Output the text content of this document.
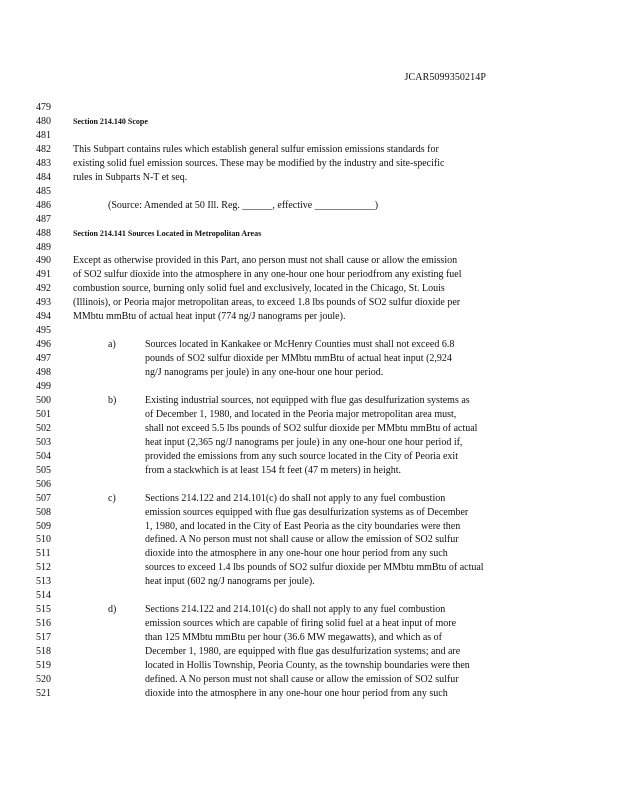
JCAR5099350214P
479
480	Section 214.140 Scope
481
482	This Subpart contains rules which establish general sulfur emission emissions standards for
483	existing solid fuel emission sources. These may be modified by the industry and site-specific
484	rules in Subparts N-T et seq.
485
486	(Source: Amended at 50 Ill. Reg. ______, effective ____________)
487
488	Section 214.141 Sources Located in Metropolitan Areas
489
490	Except as otherwise provided in this Part, ano person must not shall cause or allow the emission
491	of SO2 sulfur dioxide into the atmosphere in any one-hour one hour periodfrom any existing fuel
492	combustion source, burning only solid fuel and exclusively, located in the Chicago, St. Louis
493	(Illinois), or Peoria major metropolitan areas, to exceed 1.8 lbs pounds of SO2 sulfur dioxide per
494	MMbtu mmBtu of actual heat input (774 ng/J nanograms per joule).
495
496	a)	Sources located in Kankakee or McHenry Counties must shall not exceed 6.8
497	pounds of SO2 sulfur dioxide per MMbtu mmBtu of actual heat input (2,924
498	ng/J nanograms per joule) in any one-hour one hour period.
499
500	b)	Existing industrial sources, not equipped with flue gas desulfurization systems as
501	of December 1, 1980, and located in the Peoria major metropolitan area must,
502	shall not exceed 5.5 lbs pounds of SO2 sulfur dioxide per MMbtu mmBtu of actual
503	heat input (2,365 ng/J nanograms per joule) in any one-hour one hour period if,
504	provided the emissions from any such source located in the City of Peoria exit
505	from a stackwhich is at least 154 ft feet (47 m meters) in height.
506
507	c)	Sections 214.122 and 214.101(c) do shall not apply to any fuel combustion
508	emission sources equipped with flue gas desulfurization systems as of December
509	1, 1980, and located in the City of East Peoria as the city boundaries were then
510	defined. A No person must not shall cause or allow the emission of SO2 sulfur
511	dioxide into the atmosphere in any one-hour one hour period from any such
512	sources to exceed 1.4 lbs pounds of SO2 sulfur dioxide per MMbtu mmBtu of actual
513	heat input (602 ng/J nanograms per joule).
514
515	d)	Sections 214.122 and 214.101(c) do shall not apply to any fuel combustion
516	emission sources which are capable of firing solid fuel at a heat input of more
517	than 125 MMbtu mmBtu per hour (36.6 MW megawatts), and which as of
518	December 1, 1980, are equipped with flue gas desulfurization systems; and are
519	located in Hollis Township, Peoria County, as the township boundaries were then
520	defined. A No person must not shall cause or allow the emission of SO2 sulfur
521	dioxide into the atmosphere in any one-hour one hour period from any such
